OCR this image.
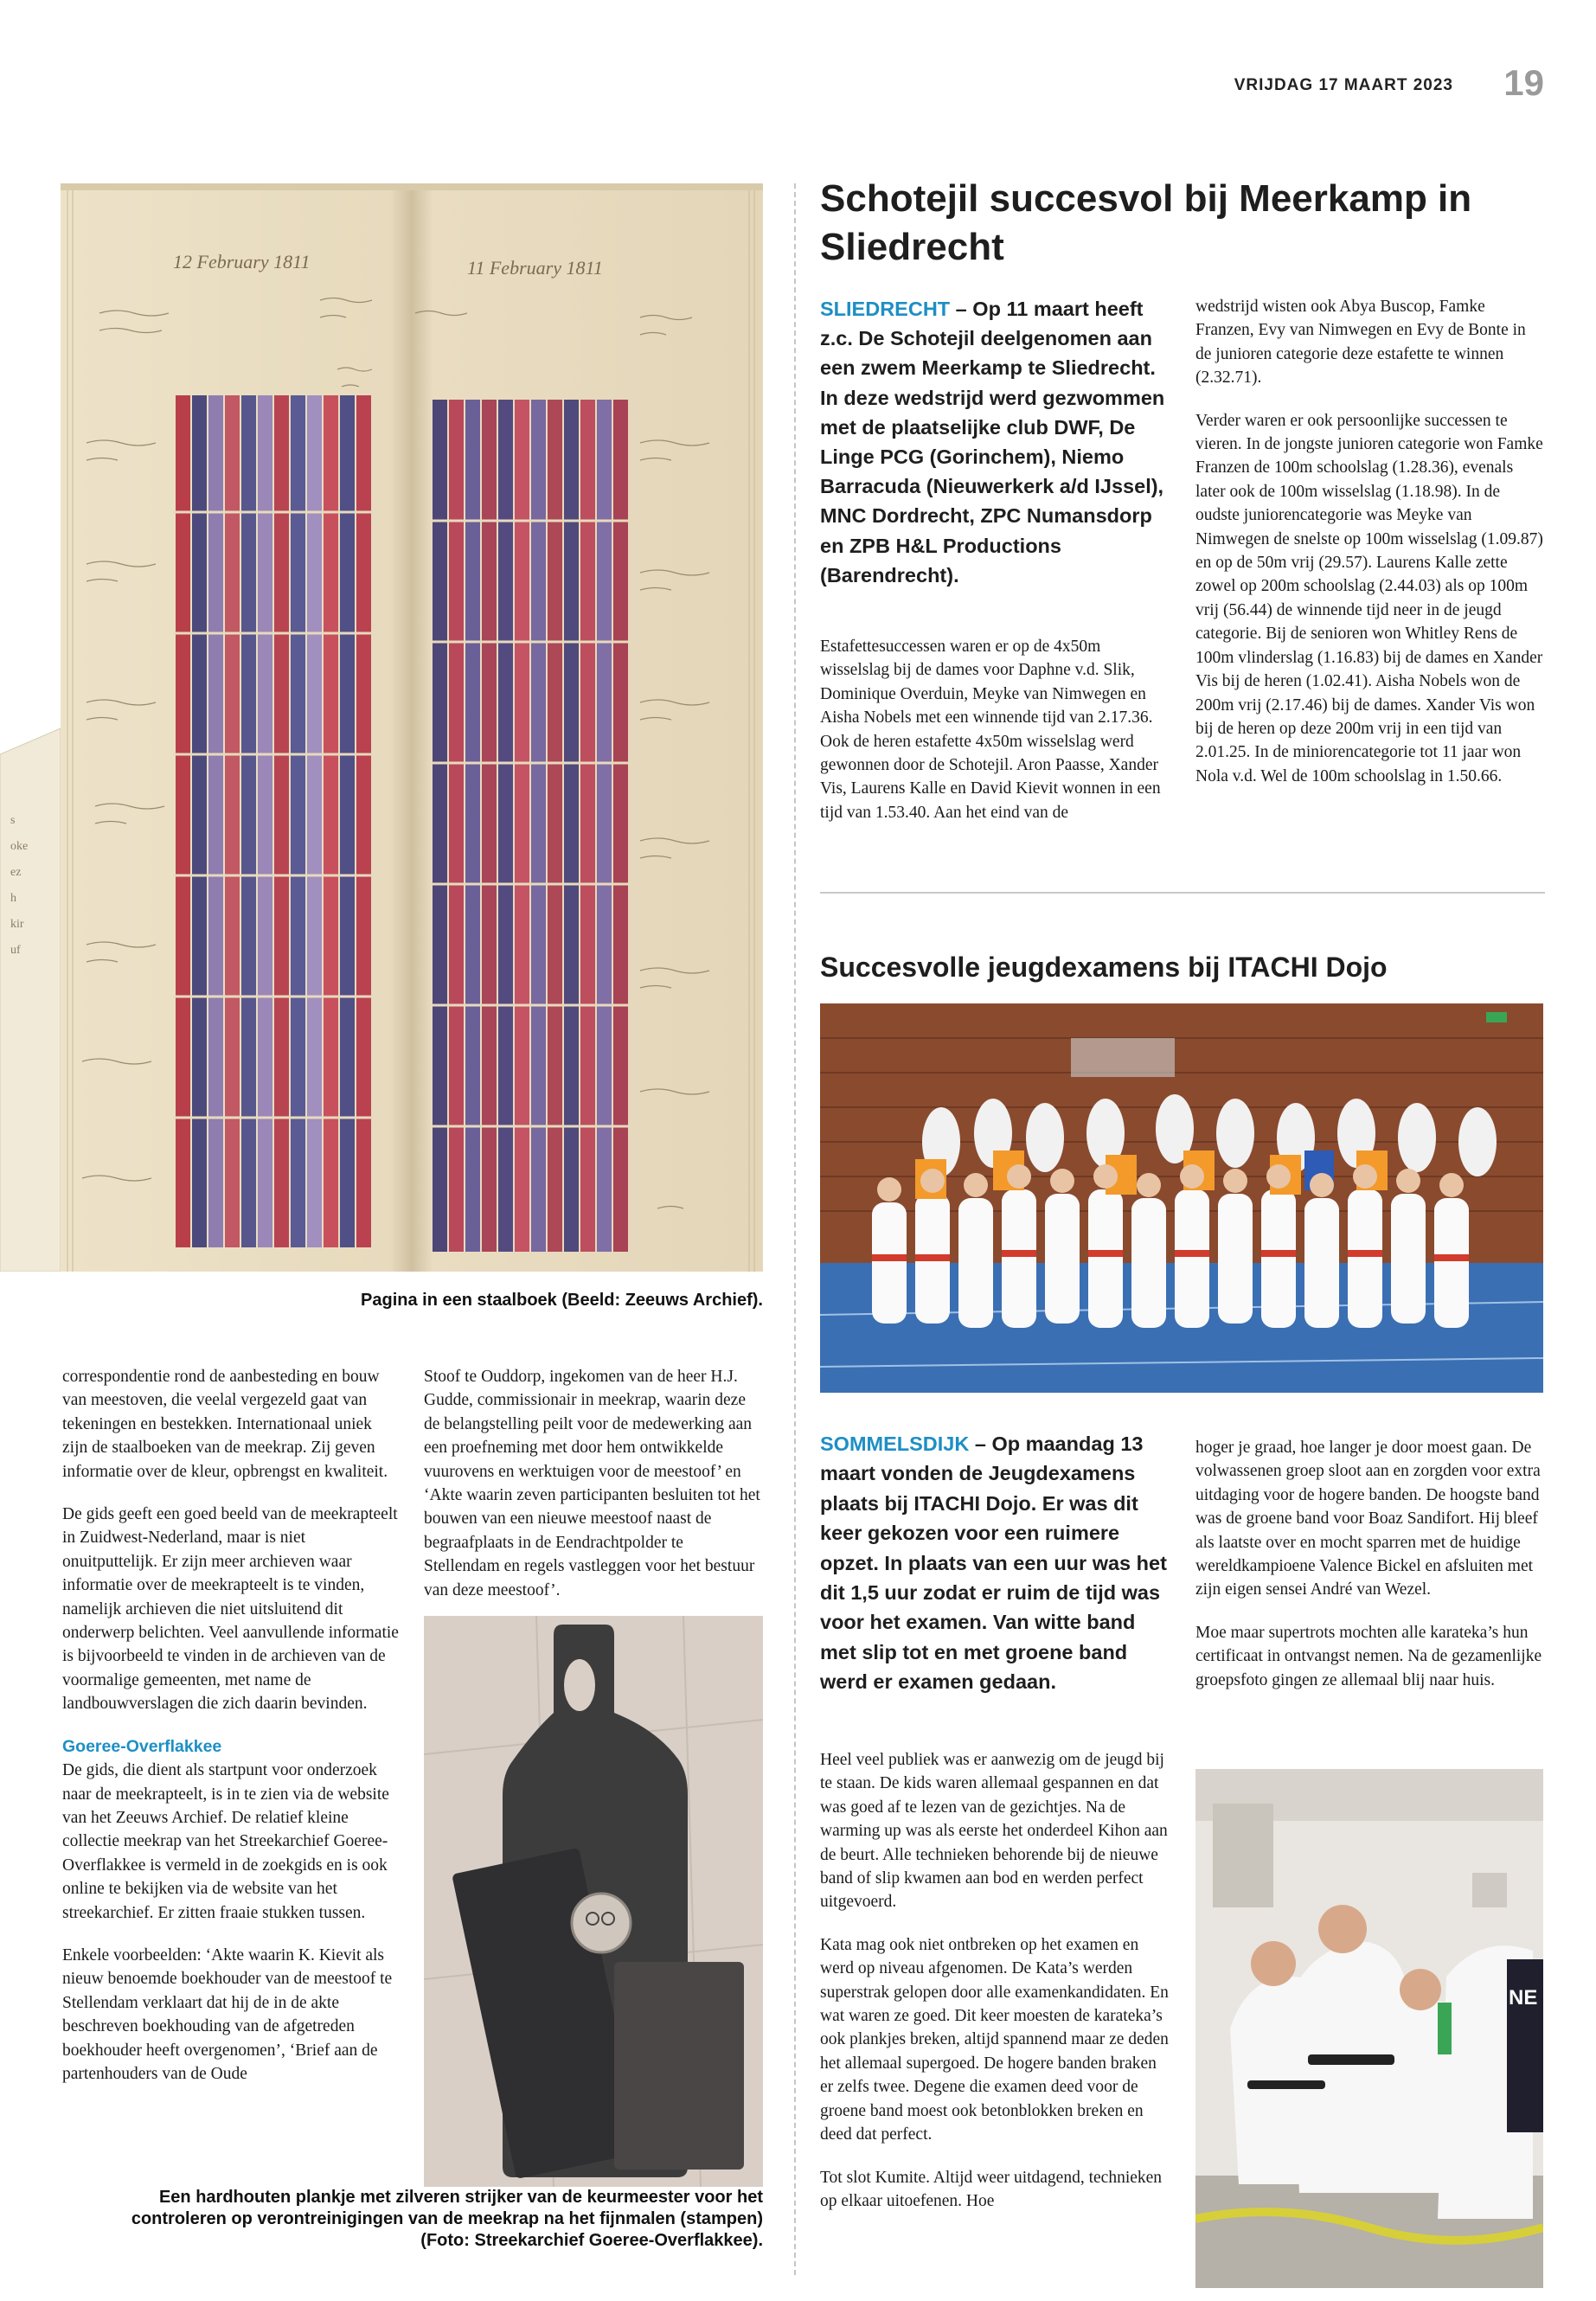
VRIJDAG 17 MAART 2023 19
s
oke
ez
h
kir
uf
12 February 1811	11 February 1811
Pagina in een staalboek (Beeld: Zeeuws Archief).

correspondentie rond de aanbesteding en bouw van meestoven, die veelal vergezeld gaat van tekeningen en bestekken. Internationaal uniek zijn de staalboeken van de meekrap. Zij geven informatie over de kleur, opbrengst en kwaliteit.

De gids geeft een goed beeld van de meekrapteelt in Zuidwest-Nederland, maar is niet onuitputtelijk. Er zijn meer archieven waar informatie over de meekrapteelt is te vinden, namelijk archieven die niet uitsluitend dit onderwerp belichten. Veel aanvullende informatie is bijvoorbeeld te vinden in de archieven van de voormalige gemeenten, met name de landbouwverslagen die zich daarin bevinden.

Goeree-Overflakkee

De gids, die dient als startpunt voor onderzoek naar de meekrapteelt, is in te zien via de website van het Zeeuws Archief. De relatief kleine collectie meekrap van het Streekarchief Goeree-Overflakkee is vermeld in de zoekgids en is ook online te bekijken via de website van het streekarchief. Er zitten fraaie stukken tussen.

Enkele voorbeelden: ‘Akte waarin K. Kievit als nieuw benoemde boekhouder van de meestoof te Stellendam verklaart dat hij de in de akte beschreven boekhouding van de afgetreden boekhouder heeft overgenomen’, ‘Brief aan de partenhouders van de Oude

Stoof te Ouddorp, ingekomen van de heer H.J. Gudde, commissionair in meekrap, waarin deze de belangstelling peilt voor de medewerking aan een proefneming met door hem ontwikkelde vuurovens en werktuigen voor de meestoof’ en ‘Akte waarin zeven participanten besluiten tot het bouwen van een nieuwe meestoof naast de begraafplaats in de Eendrachtpolder te Stellendam en regels vastleggen voor het bestuur van deze meestoof’.

Een hardhouten plankje met zilveren strijker van de keurmeester voor het controleren op verontreinigingen van de meekrap na het fijnmalen (stampen) (Foto: Streekarchief Goeree-Overflakkee).
Schotejil succesvol bij Meerkamp in Sliedrecht
SLIEDRECHT – Op 11 maart heeft z.c. De Schotejil deelgenomen aan een zwem Meerkamp te Sliedrecht. In deze wedstrijd werd gezwommen met de plaatselijke club DWF, De Linge PCG (Gorinchem), Niemo Barracuda (Nieuwerkerk a/d IJssel), MNC Dordrecht, ZPC Numansdorp en ZPB H&L Productions (Barendrecht).

Estafettesuccessen waren er op de 4x50m wisselslag bij de dames voor Daphne v.d. Slik, Dominique Overduin, Meyke van Nimwegen en Aisha Nobels met een winnende tijd van 2.17.36. Ook de heren estafette 4x50m wisselslag werd gewonnen door de Schotejil. Aron Paasse, Xander Vis, Laurens Kalle en David Kievit wonnen in een tijd van 1.53.40. Aan het eind van de

wedstrijd wisten ook Abya Buscop, Famke Franzen, Evy van Nimwegen en Evy de Bonte in de junioren categorie deze estafette te winnen (2.32.71).

Verder waren er ook persoonlijke successen te vieren. In de jongste junioren categorie won Famke Franzen de 100m schoolslag (1.28.36), evenals later ook de 100m wisselslag (1.18.98). In de oudste juniorencategorie was Meyke van Nimwegen de snelste op 100m wisselslag (1.09.87) en op de 50m vrij (29.57). Laurens Kalle zette zowel op 200m schoolslag (2.44.03) als op 100m vrij (56.44) de winnende tijd neer in de jeugd categorie. Bij de senioren won Whitley Rens de 100m vlinderslag (1.16.83) bij de dames en Xander Vis bij de heren (1.02.41). Aisha Nobels won de 200m vrij (2.17.46) bij de dames. Xander Vis won bij de heren op deze 200m vrij in een tijd van 2.01.25. In de miniorencategorie tot 11 jaar won Nola v.d. Wel de 100m schoolslag in 1.50.66.

Succesvolle jeugdexamens bij ITACHI Dojo
SOMMELSDIJK – Op maandag 13 maart vonden de Jeugdexamens plaats bij ITACHI Dojo. Er was dit keer gekozen voor een ruimere opzet. In plaats van een uur was het dit 1,5 uur zodat er ruim de tijd was voor het examen. Van witte band met slip tot en met groene band werd er examen gedaan.

Heel veel publiek was er aanwezig om de jeugd bij te staan. De kids waren allemaal gespannen en dat was goed af te lezen van de gezichtjes. Na de warming up was als eerste het onderdeel Kihon aan de beurt. Alle technieken behorende bij de nieuwe band of slip kwamen aan bod en werden perfect uitgevoerd.

Kata mag ook niet ontbreken op het examen en werd op niveau afgenomen. De Kata’s werden superstrak gelopen door alle examenkandidaten. En wat waren ze goed. Dit keer moesten de karateka’s ook plankjes breken, altijd spannend maar ze deden het allemaal supergoed. De hogere banden braken er zelfs twee. Degene die examen deed voor de groene band moest ook betonblokken breken en deed dat perfect.

Tot slot Kumite. Altijd weer uitdagend, technieken op elkaar uitoefenen. Hoe

hoger je graad, hoe langer je door moest gaan. De volwassenen groep sloot aan en zorgden voor extra uitdaging voor de hogere banden. De hoogste band was de groene band voor Boaz Sandifort. Hij bleef als laatste over en mocht sparren met de huidige wereldkampioene Valence Bickel en afsluiten met zijn eigen sensei André van Wezel.

Moe maar supertrots mochten alle karateka’s hun certificaat in ontvangst nemen. Na de gezamenlijke groepsfoto gingen ze allemaal blij naar huis.

NE
